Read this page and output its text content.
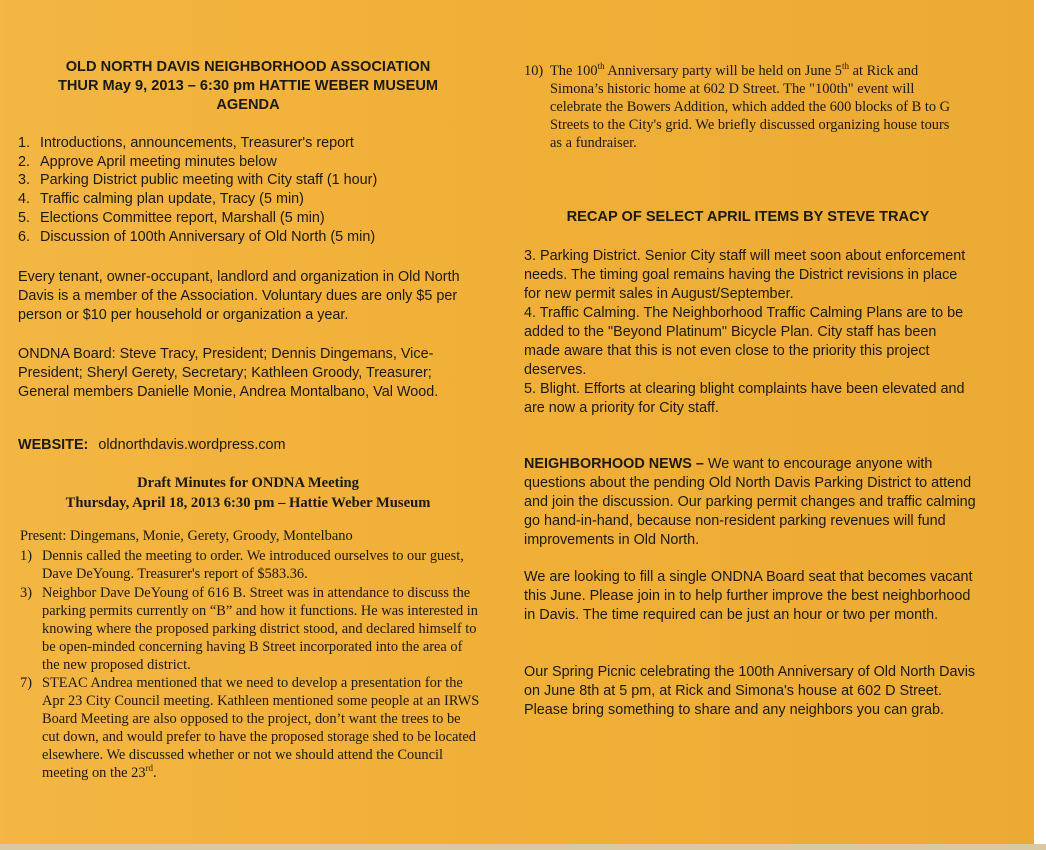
OLD NORTH DAVIS NEIGHBORHOOD ASSOCIATION
THUR May 9, 2013 – 6:30 pm HATTIE WEBER MUSEUM
AGENDA
1. Introductions, announcements, Treasurer's report
2. Approve April meeting minutes below
3. Parking District public meeting with City staff (1 hour)
4. Traffic calming plan update, Tracy (5 min)
5. Elections Committee report, Marshall (5 min)
6. Discussion of 100th Anniversary of Old North (5 min)
Every tenant, owner-occupant, landlord and organization in Old North Davis is a member of the Association. Voluntary dues are only $5 per person or $10 per household or organization a year.
ONDNA Board: Steve Tracy, President; Dennis Dingemans, Vice-President; Sheryl Gerety, Secretary; Kathleen Groody, Treasurer; General members Danielle Monie, Andrea Montalbano, Val Wood.
WEBSITE: oldnorthdavis.wordpress.com
Draft Minutes for ONDNA Meeting
Thursday, April 18, 2013 6:30 pm – Hattie Weber Museum
Present: Dingemans, Monie, Gerety, Groody, Montelbano
1) Dennis called the meeting to order. We introduced ourselves to our guest, Dave DeYoung. Treasurer's report of $583.36.
3) Neighbor Dave DeYoung of 616 B. Street was in attendance to discuss the parking permits currently on “B” and how it functions. He was interested in knowing where the proposed parking district stood, and declared himself to be open-minded concerning having B Street incorporated into the area of the new proposed district.
7) STEAC Andrea mentioned that we need to develop a presentation for the Apr 23 City Council meeting. Kathleen mentioned some people at an IRWS Board Meeting are also opposed to the project, don’t want the trees to be cut down, and would prefer to have the proposed storage shed to be located elsewhere. We discussed whether or not we should attend the Council meeting on the 23rd.
10) The 100th Anniversary party will be held on June 5th at Rick and Simona’s historic home at 602 D Street. The "100th" event will celebrate the Bowers Addition, which added the 600 blocks of B to G Streets to the City's grid. We briefly discussed organizing house tours as a fundraiser.
RECAP OF SELECT APRIL ITEMS BY STEVE TRACY
3. Parking District. Senior City staff will meet soon about enforcement needs. The timing goal remains having the District revisions in place for new permit sales in August/September.
4. Traffic Calming. The Neighborhood Traffic Calming Plans are to be added to the "Beyond Platinum" Bicycle Plan. City staff has been made aware that this is not even close to the priority this project deserves.
5. Blight. Efforts at clearing blight complaints have been elevated and are now a priority for City staff.
NEIGHBORHOOD NEWS – We want to encourage anyone with questions about the pending Old North Davis Parking District to attend and join the discussion. Our parking permit changes and traffic calming go hand-in-hand, because non-resident parking revenues will fund improvements in Old North.
We are looking to fill a single ONDNA Board seat that becomes vacant this June. Please join in to help further improve the best neighborhood in Davis. The time required can be just an hour or two per month.
Our Spring Picnic celebrating the 100th Anniversary of Old North Davis on June 8th at 5 pm, at Rick and Simona's house at 602 D Street. Please bring something to share and any neighbors you can grab.
